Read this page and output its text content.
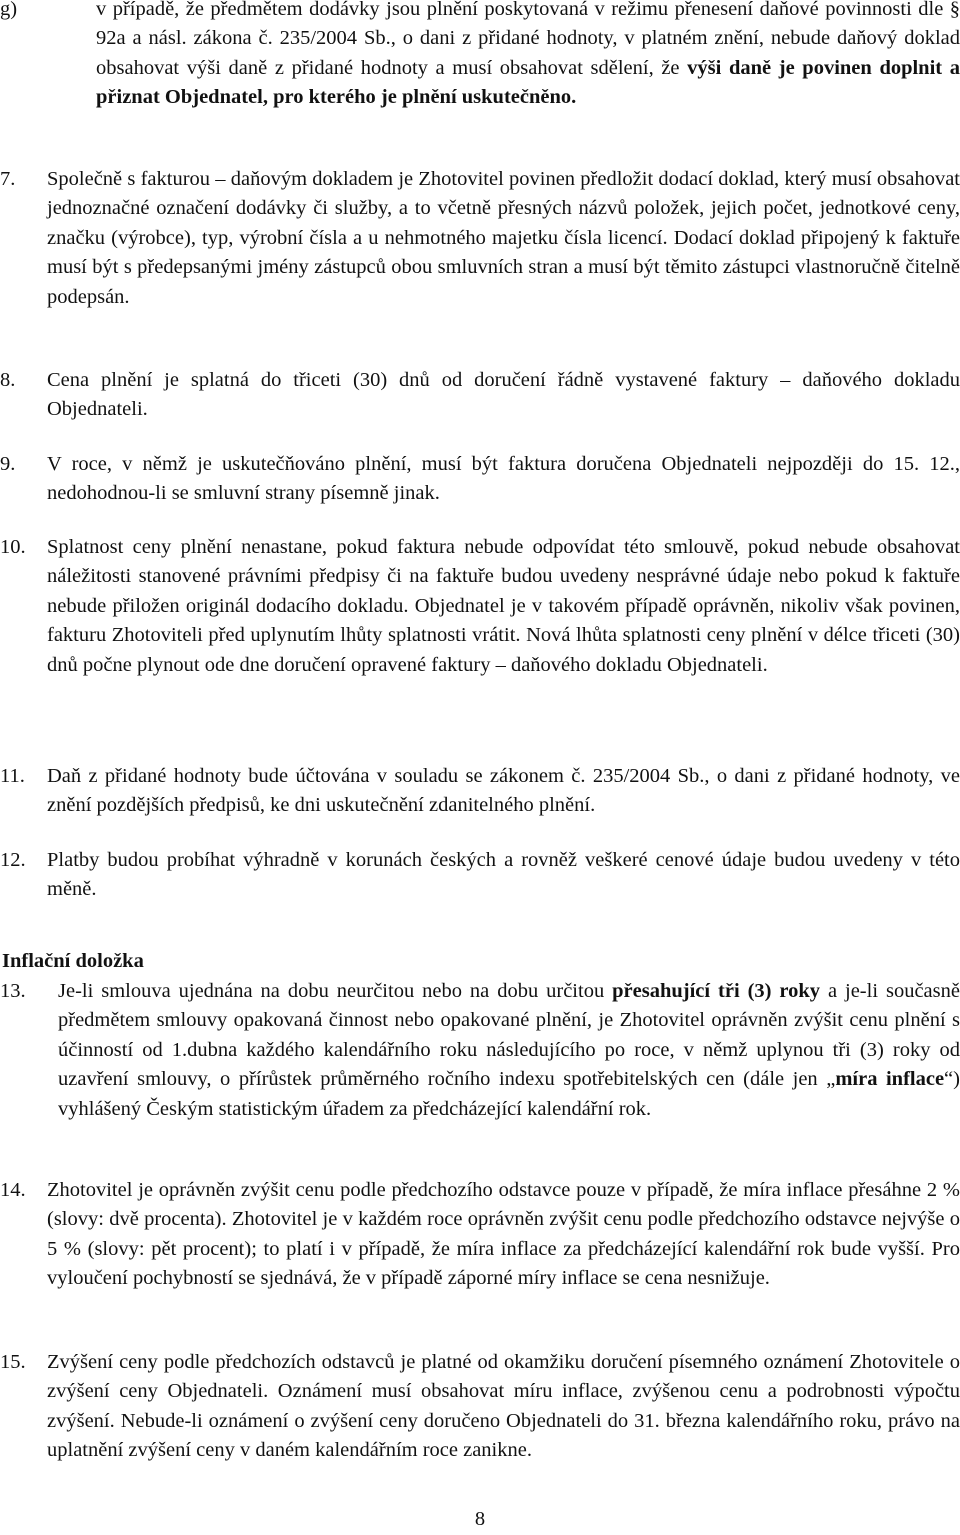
g)	v případě, že předmětem dodávky jsou plnění poskytovaná v režimu přenesení daňové povinnosti dle § 92a a násl. zákona č. 235/2004 Sb., o dani z přidané hodnoty, v platném znění, nebude daňový doklad obsahovat výši daně z přidané hodnoty a musí obsahovat sdělení, že výši daně je povinen doplnit a přiznat Objednatel, pro kterého je plnění uskutečněno.
7. Společně s fakturou – daňovým dokladem je Zhotovitel povinen předložit dodací doklad, který musí obsahovat jednoznačné označení dodávky či služby, a to včetně přesných názvů položek, jejich počet, jednotkové ceny, značku (výrobce), typ, výrobní čísla a u nehmotného majetku čísla licencí. Dodací doklad připojený k faktuře musí být s předepsanými jmény zástupců obou smluvních stran a musí být těmito zástupci vlastnoručně čitelně podepsán.
8. Cena plnění je splatná do třiceti (30) dnů od doručení řádně vystavené faktury – daňového dokladu Objednateli.
9. V roce, v němž je uskutečňováno plnění, musí být faktura doručena Objednateli nejpozději do 15. 12., nedohodnou-li se smluvní strany písemně jinak.
10. Splatnost ceny plnění nenastane, pokud faktura nebude odpovídat této smlouvě, pokud nebude obsahovat náležitosti stanovené právními předpisy či na faktuře budou uvedeny nesprávné údaje nebo pokud k faktuře nebude přiložen originál dodacího dokladu. Objednatel je v takovém případě oprávněn, nikoliv však povinen, fakturu Zhotoviteli před uplynutím lhůty splatnosti vrátit. Nová lhůta splatnosti ceny plnění v délce třiceti (30) dnů počne plynout ode dne doručení opravené faktury – daňového dokladu Objednateli.
11. Daň z přidané hodnoty bude účtována v souladu se zákonem č. 235/2004 Sb., o dani z přidané hodnoty, ve znění pozdějších předpisů, ke dni uskutečnění zdanitelného plnění.
12. Platby budou probíhat výhradně v korunách českých a rovněž veškeré cenové údaje budou uvedeny v této měně.
Inflační doložka
13. Je-li smlouva ujednána na dobu neurčitou nebo na dobu určitou přesahující tři (3) roky a je-li současně předmětem smlouvy opakovaná činnost nebo opakované plnění, je Zhotovitel oprávněn zvýšit cenu plnění s účinností od 1.dubna každého kalendářního roku následujícího po roce, v němž uplynou tři (3) roky od uzavření smlouvy, o přírůstek průměrného ročního indexu spotřebitelských cen (dále jen „míra inflace“) vyhlášený Českým statistickým úřadem za předcházející kalendářní rok.
14. Zhotovitel je oprávněn zvýšit cenu podle předchozího odstavce pouze v případě, že míra inflace přesáhne 2 % (slovy: dvě procenta). Zhotovitel je v každém roce oprávněn zvýšit cenu podle předchozího odstavce nejvýše o 5 % (slovy: pět procent); to platí i v případě, že míra inflace za předcházející kalendářní rok bude vyšší. Pro vyloučení pochybností se sjednává, že v případě záporné míry inflace se cena nesnižuje.
15. Zvýšení ceny podle předchozích odstavců je platné od okamžiku doručení písemného oznámení Zhotovitele o zvýšení ceny Objednateli. Oznámení musí obsahovat míru inflace, zvýšenou cenu a podrobnosti výpočtu zvýšení. Nebude-li oznámení o zvýšení ceny doručeno Objednateli do 31. března kalendářního roku, právo na uplatnění zvýšení ceny v daném kalendářním roce zanikne.
8
